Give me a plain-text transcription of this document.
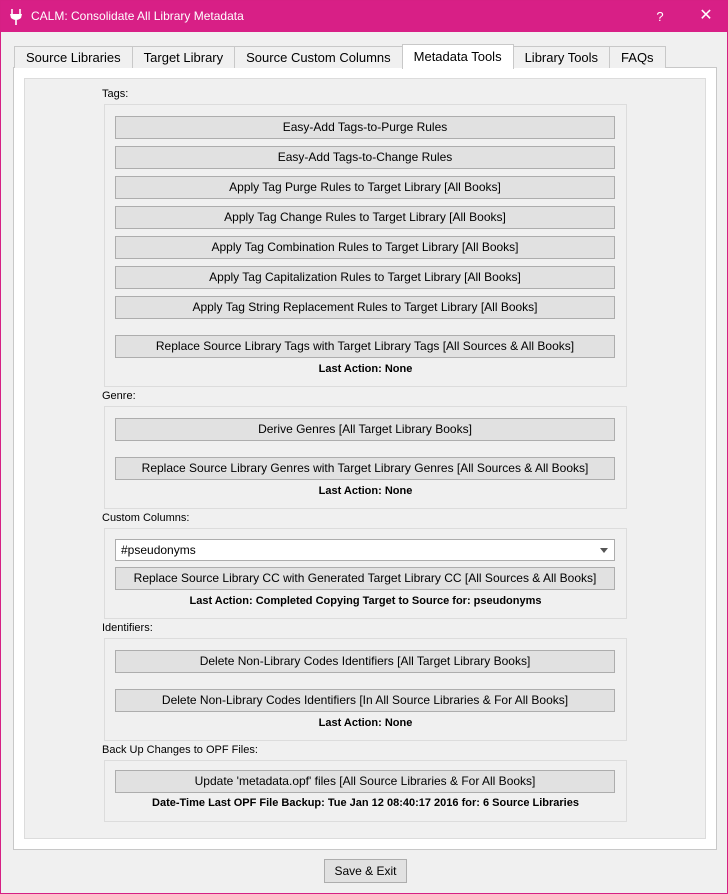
CALM: Consolidate All Library Metadata	?	✕
Source Libraries	Target Library	Source Custom Columns	Metadata Tools	Library Tools	FAQs
Tags:
Easy-Add Tags-to-Purge Rules
Easy-Add Tags-to-Change Rules
Apply Tag Purge Rules to Target Library [All Books]
Apply Tag Change Rules to Target Library [All Books]
Apply Tag Combination Rules to Target Library [All Books]
Apply Tag Capitalization Rules to Target Library [All Books]
Apply Tag String Replacement Rules to Target Library [All Books]
Replace Source Library Tags with Target Library Tags [All Sources & All Books]
Last Action: None
Genre:
Derive Genres [All Target Library Books]
Replace Source Library Genres with Target Library Genres [All Sources & All Books]
Last Action: None
Custom Columns:
#pseudonyms
Replace Source Library CC with Generated Target Library CC [All Sources & All Books]
Last Action: Completed Copying Target to Source for: pseudonyms
Identifiers:
Delete Non-Library Codes Identifiers [All Target Library Books]
Delete Non-Library Codes Identifiers [In All Source Libraries & For All Books]
Last Action: None
Back Up Changes to OPF Files:
Update 'metadata.opf' files [All Source Libraries & For All Books]
Date-Time Last OPF File Backup: Tue Jan 12 08:40:17 2016 for: 6 Source Libraries
Save & Exit
